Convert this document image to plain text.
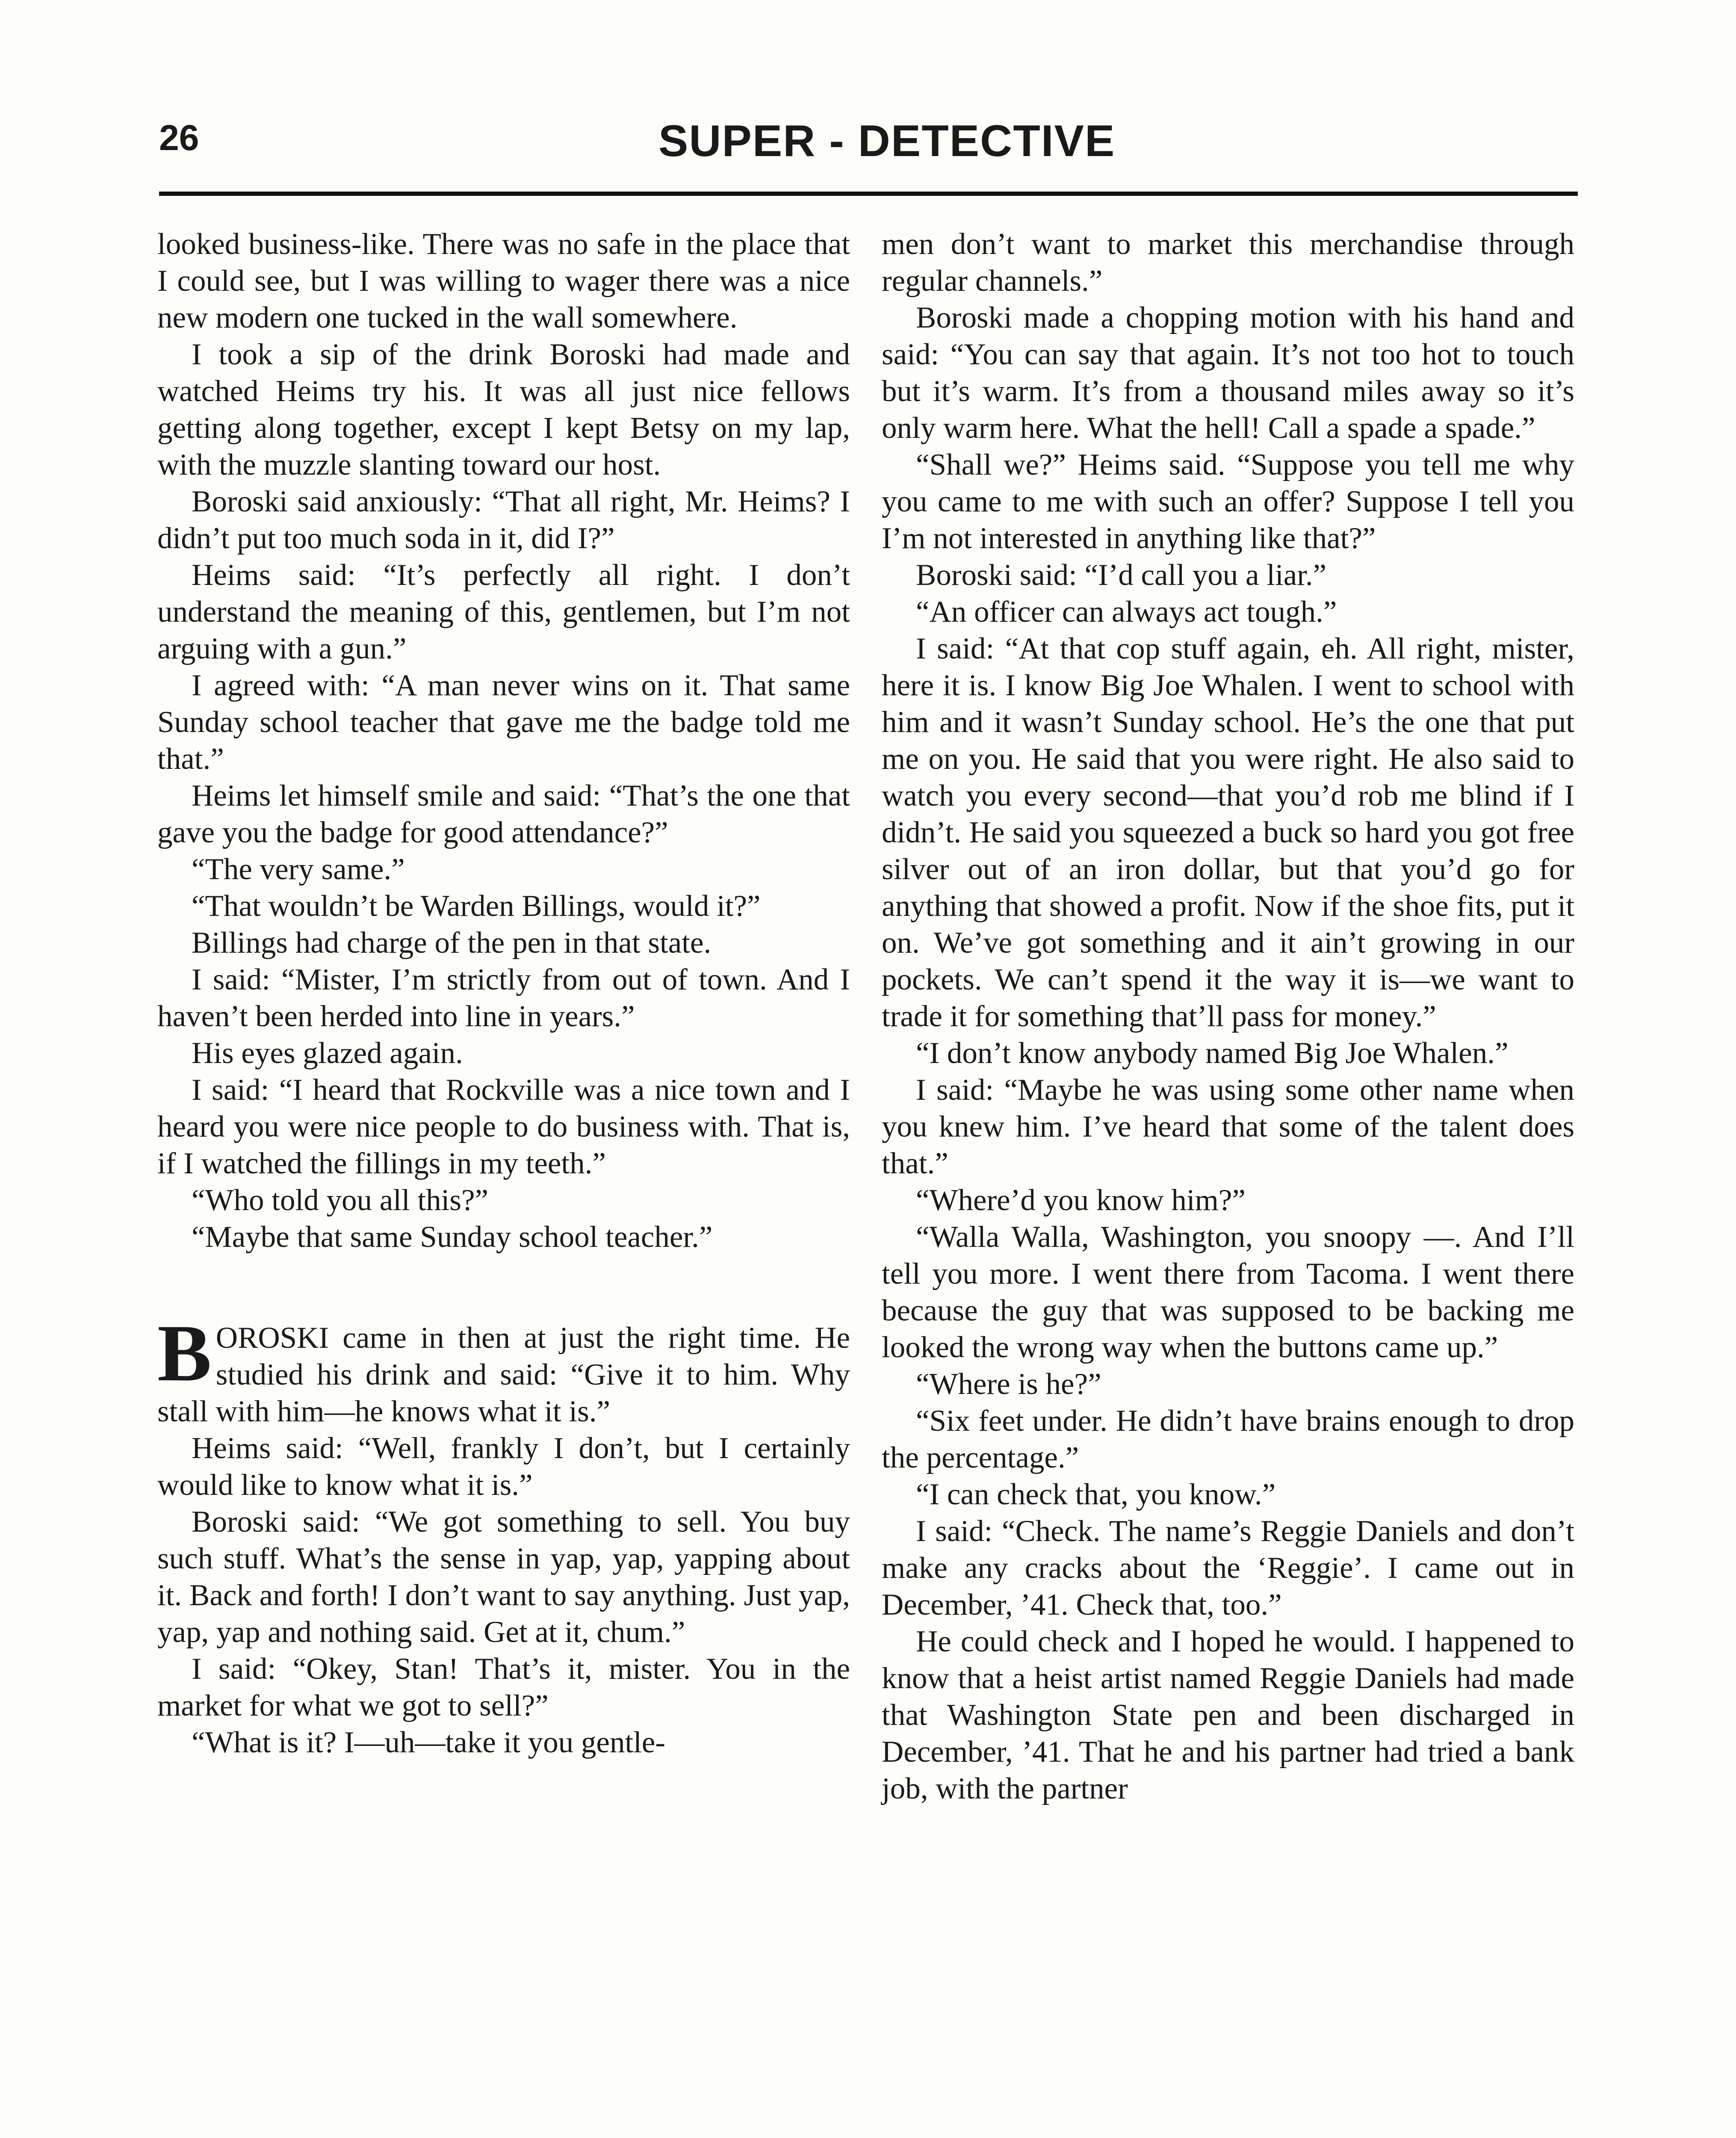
26	SUPER - DETECTIVE

looked business-like. There was no safe in the place that I could see, but I was willing to wager there was a nice new modern one tucked in the wall somewhere.

I took a sip of the drink Boroski had made and watched Heims try his. It was all just nice fellows getting along together, except I kept Betsy on my lap, with the muzzle slanting toward our host.

Boroski said anxiously: “That all right, Mr. Heims? I didn’t put too much soda in it, did I?”

Heims said: “It’s perfectly all right. I don’t understand the meaning of this, gentlemen, but I’m not arguing with a gun.”

I agreed with: “A man never wins on it. That same Sunday school teacher that gave me the badge told me that.”

Heims let himself smile and said: “That’s the one that gave you the badge for good attendance?”

“The very same.”

“That wouldn’t be Warden Billings, would it?”

Billings had charge of the pen in that state.

I said: “Mister, I’m strictly from out of town. And I haven’t been herded into line in years.”

His eyes glazed again.

I said: “I heard that Rockville was a nice town and I heard you were nice people to do business with. That is, if I watched the fillings in my teeth.”

“Who told you all this?”

“Maybe that same Sunday school teacher.”

BOROSKI came in then at just the right time. He studied his drink and said: “Give it to him. Why stall with him—he knows what it is.”

Heims said: “Well, frankly I don’t, but I certainly would like to know what it is.”

Boroski said: “We got something to sell. You buy such stuff. What’s the sense in yap, yap, yapping about it. Back and forth! I don’t want to say anything. Just yap, yap, yap and nothing said. Get at it, chum.”

I said: “Okey, Stan! That’s it, mister. You in the market for what we got to sell?”

“What is it? I—uh—take it you gentle-

men don’t want to market this merchandise through regular channels.”

Boroski made a chopping motion with his hand and said: “You can say that again. It’s not too hot to touch but it’s warm. It’s from a thousand miles away so it’s only warm here. What the hell! Call a spade a spade.”

“Shall we?” Heims said. “Suppose you tell me why you came to me with such an offer? Suppose I tell you I’m not interested in anything like that?”

Boroski said: “I’d call you a liar.”

“An officer can always act tough.”

I said: “At that cop stuff again, eh. All right, mister, here it is. I know Big Joe Whalen. I went to school with him and it wasn’t Sunday school. He’s the one that put me on you. He said that you were right. He also said to watch you every second—that you’d rob me blind if I didn’t. He said you squeezed a buck so hard you got free silver out of an iron dollar, but that you’d go for anything that showed a profit. Now if the shoe fits, put it on. We’ve got something and it ain’t growing in our pockets. We can’t spend it the way it is—we want to trade it for something that’ll pass for money.”

“I don’t know anybody named Big Joe Whalen.”

I said: “Maybe he was using some other name when you knew him. I’ve heard that some of the talent does that.”

“Where’d you know him?”

“Walla Walla, Washington, you snoopy —. And I’ll tell you more. I went there from Tacoma. I went there because the guy that was supposed to be backing me looked the wrong way when the buttons came up.”

“Where is he?”

“Six feet under. He didn’t have brains enough to drop the percentage.”

“I can check that, you know.”

I said: “Check. The name’s Reggie Daniels and don’t make any cracks about the ‘Reggie’. I came out in December, ’41. Check that, too.”

He could check and I hoped he would. I happened to know that a heist artist named Reggie Daniels had made that Washington State pen and been discharged in December, ’41. That he and his partner had tried a bank job, with the partner
